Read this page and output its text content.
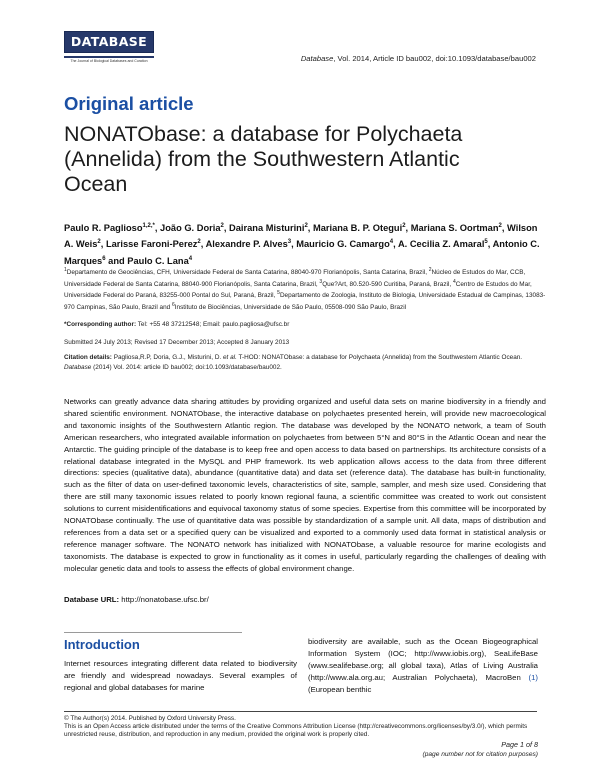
DATABASE
The Journal of Biological Databases and Curation	Database, Vol. 2014, Article ID bau002, doi:10.1093/database/bau002
Original article
NONATObase: a database for Polychaeta (Annelida) from the Southwestern Atlantic Ocean
Paulo R. Paglioso$^{1,2,*}$, João G. Doria$^2$, Dairana Misturini$^2$, Mariana B. P. Otegui$^2$, Mariana S. Oortman$^2$, Wilson A. Weis$^2$, Larisse Faroni-Perez$^2$, Alexandre P. Alves$^3$, Mauricio G. Camargo$^4$, A. Cecilia Z. Amaral$^5$, Antonio C. Marques$^6$ and Paulo C. Lana$^4$
$^1$Departamento de Geociências, CFH, Universidade Federal de Santa Catarina, 88040-970 Florianópolis, Santa Catarina, Brazil, $^2$Núcleo de Estudos do Mar, CCB, Universidade Federal de Santa Catarina, 88040-900 Florianópolis, Santa Catarina, Brazil, $^3$Que?Art, 80.520-590 Curitiba, Paraná, Brazil, $^4$Centro de Estudos do Mar, Universidade Federal do Paraná, 83255-000 Pontal do Sul, Paraná, Brazil, $^5$Departamento de Zoologia, Instituto de Biologia, Universidade Estadual de Campinas, 13083-970 Campinas, São Paulo, Brazil and $^6$Instituto de Biociências, Universidade de São Paulo, 05508-090 São Paulo, Brazil
*Corresponding author: Tel: +55 48 37212548; Email: paulo.pagliosa@ufsc.br
Submitted 24 July 2013; Revised 17 December 2013; Accepted 8 January 2013
Citation details: Pagliosa,R.P, Doria, G.J., Misturini, D. et al. T-HOD: NONATObase: a database for Polychaeta (Annelida) from the Southwestern Atlantic Ocean. Database (2014) Vol. 2014: article ID bau002; doi:10.1093/database/bau002.

Networks can greatly advance data sharing attitudes by providing organized and useful data sets on marine biodiversity in a friendly and shared scientific environment. NONATObase, the interactive database on polychaetes presented herein, will provide new macroecological and taxonomic insights of the Southwestern Atlantic region. The database was developed by the NONATO network, a team of South American researchers, who integrated available information on polychaetes from between 5°N and 80°S in the Atlantic Ocean and near the Antarctic. The guiding principle of the database is to keep free and open access to data based on partnerships. Its architecture consists of a relational database integrated in the MySQL and PHP framework. Its web application allows access to the data from three different directions: species (qualitative data), abundance (quantitative data) and data set (reference data). The database has built-in functionality, such as the filter of data on user-defined taxonomic levels, characteristics of site, sample, sampler, and mesh size used. Considering that there are still many taxonomic issues related to poorly known regional fauna, a scientific committee was created to work out consistent solutions to current misidentifications and equivocal taxonomy status of some species. Expertise from this committee will be incorporated by NONATObase continually. The use of quantitative data was possible by standardization of a sample unit. All data, maps of distribution and references from a data set or a specified query can be visualized and exported to a commonly used data format in statistical analysis or reference manager software. The NONATO network has initialized with NONATObase, a valuable resource for marine ecologists and taxonomists. The database is expected to grow in functionality as it comes in useful, particularly regarding the challenges of dealing with molecular genetic data and tools to assess the effects of global environment change.

Database URL: http://nonatobase.ufsc.br/
Introduction

Internet resources integrating different data related to biodiversity are friendly and widespread nowadays. Several examples of regional and global databases for marine

biodiversity are available, such as the Ocean Biogeographical Information System (IOC; http://www.iobis.org), SeaLifeBase (www.sealifebase.org; all global taxa), Atlas of Living Australia (http://www.ala.org.au; Australian Polychaeta), MacroBen (1) (European benthic

© The Author(s) 2014. Published by Oxford University Press.
This is an Open Access article distributed under the terms of the Creative Commons Attribution License (http://creativecommons.org/licenses/by/3.0/), which permits unrestricted reuse, distribution, and reproduction in any medium, provided the original work is properly cited.

Page 1 of 8
(page number not for citation purposes)
